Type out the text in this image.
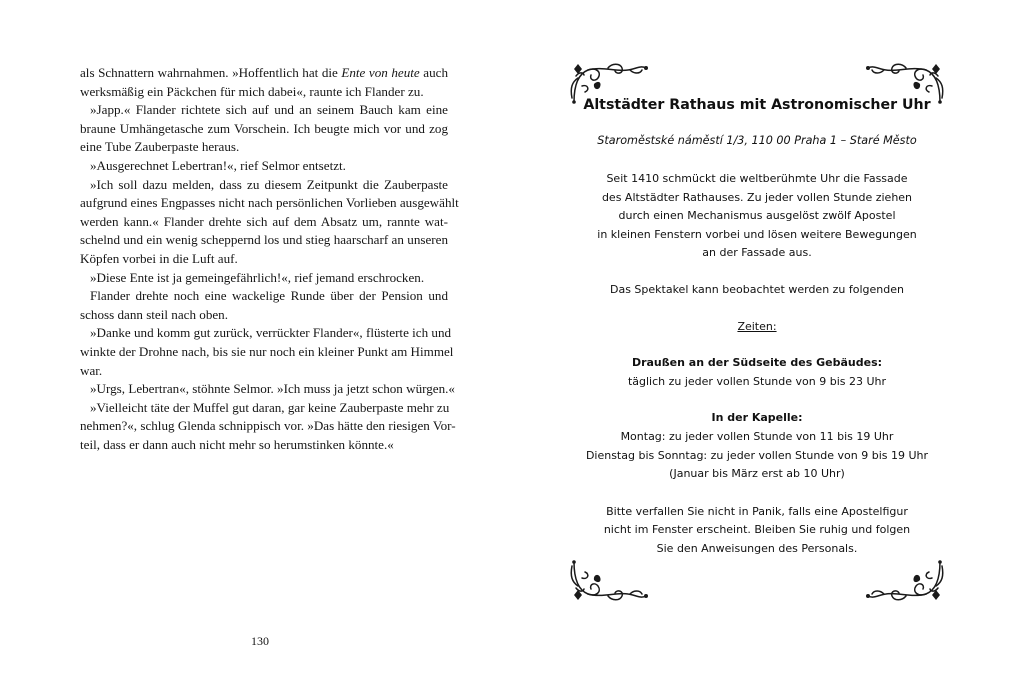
als Schnattern wahrnahmen. »Hoffentlich hat die Ente von heute auch
werksmäßig ein Päckchen für mich dabei«, raunte ich Flander zu.
»Japp.« Flander richtete sich auf und an seinem Bauch kam eine
braune Umhängetasche zum Vorschein. Ich beugte mich vor und zog
eine Tube Zauberpaste heraus.
»Ausgerechnet Lebertran!«, rief Selmor entsetzt.
»Ich soll dazu melden, dass zu diesem Zeitpunkt die Zauberpaste
aufgrund eines Engpasses nicht nach persönlichen Vorlieben ausgewählt
werden kann.« Flander drehte sich auf dem Absatz um, rannte wat-
schelnd und ein wenig scheppernd los und stieg haarscharf an unseren
Köpfen vorbei in die Luft auf.
»Diese Ente ist ja gemeingefährlich!«, rief jemand erschrocken.
Flander drehte noch eine wackelige Runde über der Pension und
schoss dann steil nach oben.
»Danke und komm gut zurück, verrückter Flander«, flüsterte ich und
winkte der Drohne nach, bis sie nur noch ein kleiner Punkt am Himmel
war.
»Urgs, Lebertran«, stöhnte Selmor. »Ich muss ja jetzt schon würgen.«
»Vielleicht täte der Muffel gut daran, gar keine Zauberpaste mehr zu
nehmen?«, schlug Glenda schnippisch vor. »Das hätte den riesigen Vor-
teil, dass er dann auch nicht mehr so herumstinken könnte.«
130
Altstädter Rathaus mit Astronomischer Uhr
Staroměstské náměstí 1/3, 110 00 Praha 1 – Staré Město
Seit 1410 schmückt die weltberühmte Uhr die Fassade
des Altstädter Rathauses. Zu jeder vollen Stunde ziehen
durch einen Mechanismus ausgelöst zwölf Apostel
in kleinen Fenstern vorbei und lösen weitere Bewegungen
an der Fassade aus.
Das Spektakel kann beobachtet werden zu folgenden
Zeiten:
Draußen an der Südseite des Gebäudes:
täglich zu jeder vollen Stunde von 9 bis 23 Uhr
In der Kapelle:
Montag: zu jeder vollen Stunde von 11 bis 19 Uhr
Dienstag bis Sonntag: zu jeder vollen Stunde von 9 bis 19 Uhr
(Januar bis März erst ab 10 Uhr)
Bitte verfallen Sie nicht in Panik, falls eine Apostelfigur
nicht im Fenster erscheint. Bleiben Sie ruhig und folgen
Sie den Anweisungen des Personals.
